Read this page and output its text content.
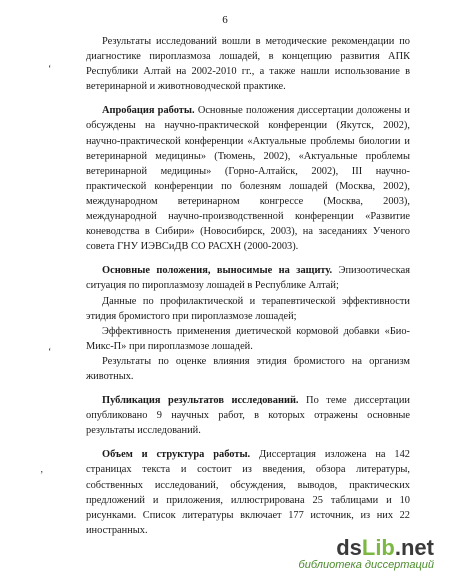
6
‘
ʻ
’

Результаты исследований вошли в методические рекомендации по диагностике пироплазмоза лошадей, в концепцию развития АПК Республики Алтай на 2002-2010 гг., а также нашли использование в ветеринарной и животноводческой практике.

Апробация работы. Основные положения диссертации доложены и обсуждены на научно-практической конференции (Якутск, 2002), научно-практической конференции «Актуальные проблемы биологии и ветеринарной медицины» (Тюмень, 2002), «Актуальные проблемы ветеринарной медицины» (Горно-Алтайск, 2002), III научно-практической конференции по болезням лошадей (Москва, 2002), международном ветеринарном конгрессе (Москва, 2003), международной научно-производственной конференции «Развитие коневодства в Сибири» (Новосибирск, 2003), на заседаниях Ученого совета ГНУ ИЭВСиДВ СО РАСХН (2000-2003).

Основные положения, выносимые на защиту. Эпизоотическая ситуация по пироплазмозу лошадей в Республике Алтай;

Данные по профилактической и терапевтической эффективности этидия бромистого при пироплазмозе лошадей;

Эффективность применения диетической кормовой добавки «Био-Микс-П» при пироплазмозе лошадей.

Результаты по оценке влияния этидия бромистого на организм животных.

Публикация результатов исследований. По теме диссертации опубликовано 9 научных работ, в которых отражены основные результаты исследований.

Объем и структура работы. Диссертация изложена на 142 страницах текста и состоит из введения, обзора литературы, собственных исследований, обсуждения, выводов, практических предложений и приложения, иллюстрирована 25 таблицами и 10 рисунками. Список литературы включает 177 источник, из них 22 иностранных.

dsLib.net
библиотека диссертаций
